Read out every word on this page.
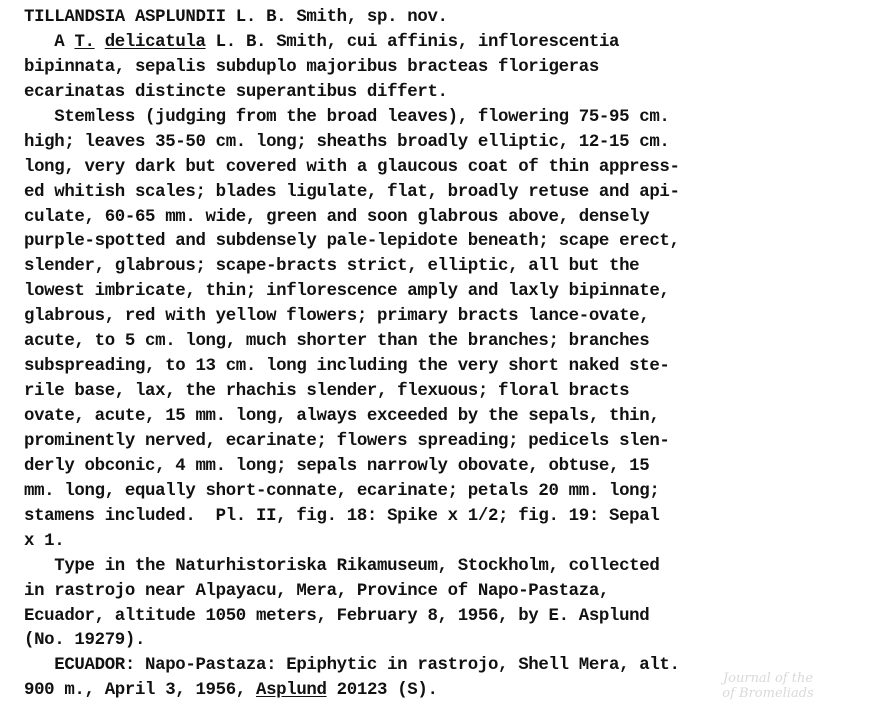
TILLANDSIA ASPLUNDII L. B. Smith, sp. nov.
A T. delicatula L. B. Smith, cui affinis, inflorescentia
bipinnata, sepalis subduplo majoribus bracteas florigeras
ecarinatas distincte superantibus differt.
Stemless (judging from the broad leaves), flowering 75-95 cm.
high; leaves 35-50 cm. long; sheaths broadly elliptic, 12-15 cm.
long, very dark but covered with a glaucous coat of thin appress-
ed whitish scales; blades ligulate, flat, broadly retuse and api-
culate, 60-65 mm. wide, green and soon glabrous above, densely
purple-spotted and subdensely pale-lepidote beneath; scape erect,
slender, glabrous; scape-bracts strict, elliptic, all but the
lowest imbricate, thin; inflorescence amply and laxly bipinnate,
glabrous, red with yellow flowers; primary bracts lance-ovate,
acute, to 5 cm. long, much shorter than the branches; branches
subspreading, to 13 cm. long including the very short naked ste-
rile base, lax, the rhachis slender, flexuous; floral bracts
ovate, acute, 15 mm. long, always exceeded by the sepals, thin,
prominently nerved, ecarinate; flowers spreading; pedicels slen-
derly obconic, 4 mm. long; sepals narrowly obovate, obtuse, 15
mm. long, equally short-connate, ecarinate; petals 20 mm. long;
stamens included.  Pl. II, fig. 18: Spike x 1/2; fig. 19: Sepal
x 1.
Type in the Naturhistoriska Rikamuseum, Stockholm, collected
in rastrojo near Alpayacu, Mera, Province of Napo-Pastaza,
Ecuador, altitude 1050 meters, February 8, 1956, by E. Asplund
(No. 19279).
ECUADOR: Napo-Pastaza: Epiphytic in rastrojo, Shell Mera, alt.
900 m., April 3, 1956, Asplund 20123 (S).
Journal of the
of Bromeliads
